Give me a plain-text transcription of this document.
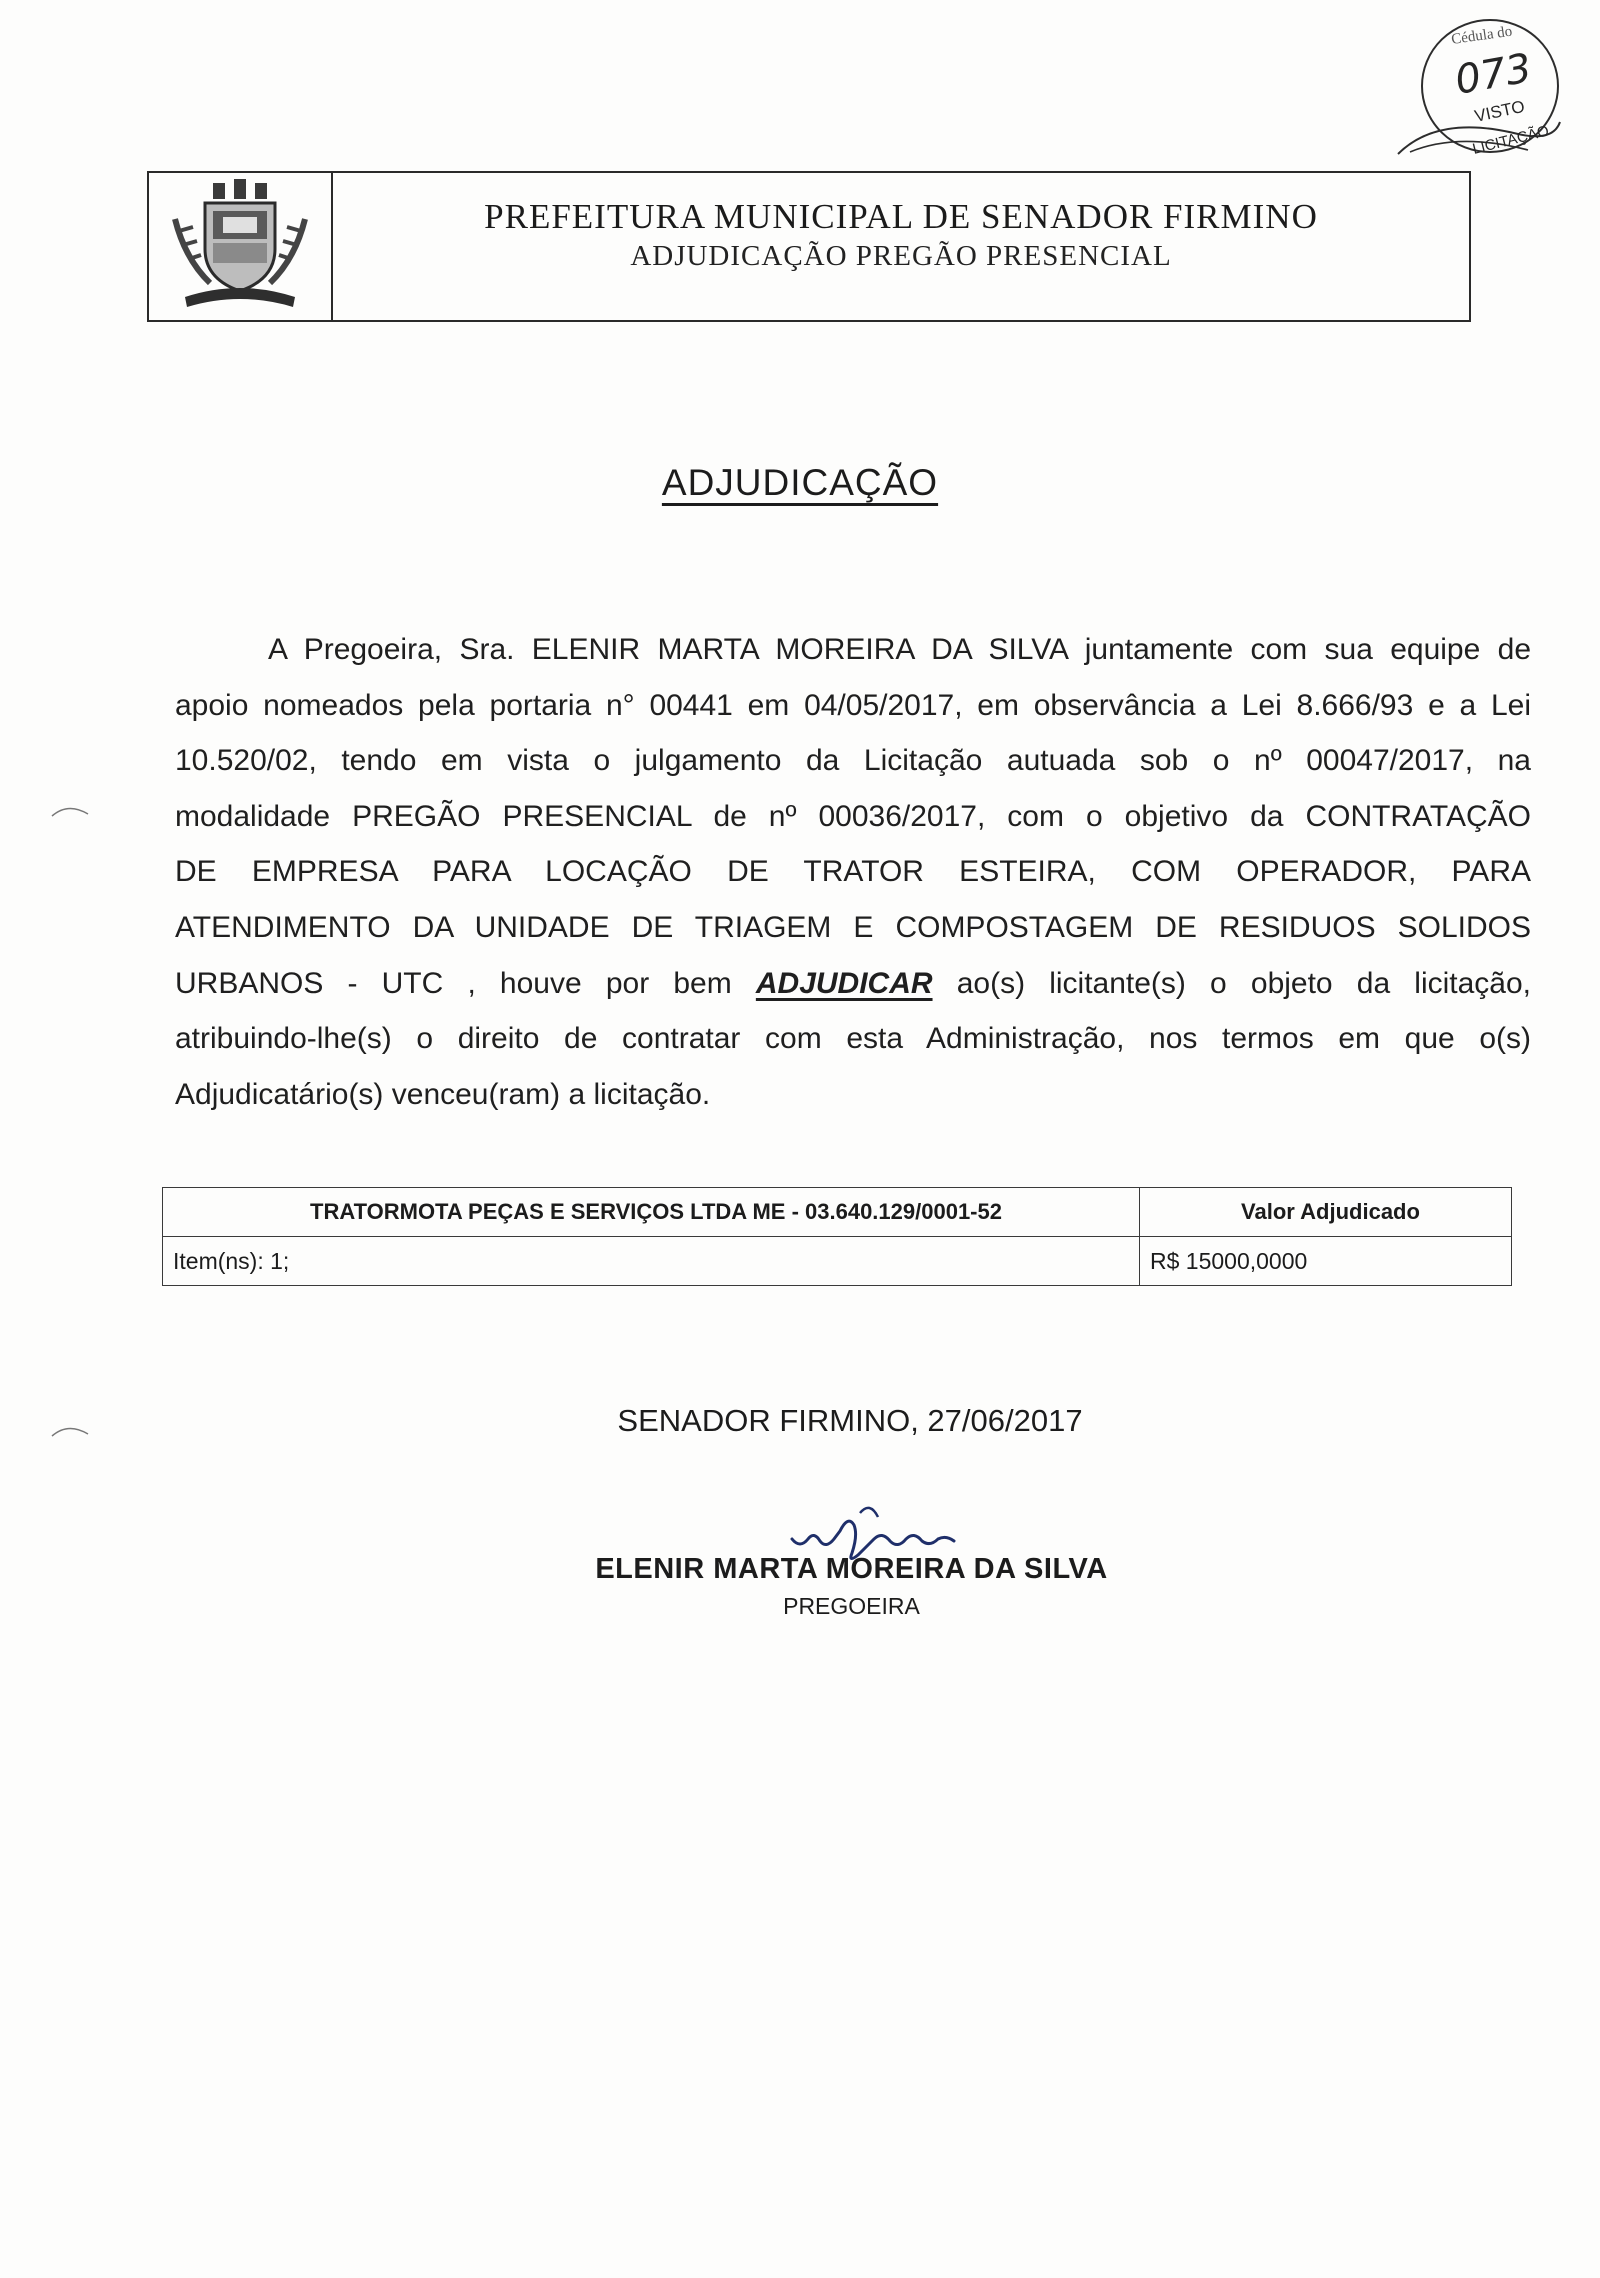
Cédula do
073
VISTO
LICITAÇÃO
PREFEITURA MUNICIPAL DE SENADOR FIRMINO
ADJUDICAÇÃO PREGÃO PRESENCIAL
ADJUDICAÇÃO
A Pregoeira, Sra. ELENIR MARTA MOREIRA DA SILVA juntamente com sua equipe de
apoio nomeados pela portaria n° 00441 em 04/05/2017, em observância a Lei 8.666/93 e a Lei
10.520/02, tendo em vista o julgamento da Licitação autuada sob o nº 00047/2017, na
modalidade PREGÃO PRESENCIAL de nº 00036/2017, com o objetivo da CONTRATAÇÃO
DE EMPRESA PARA LOCAÇÃO DE TRATOR ESTEIRA, COM OPERADOR, PARA
ATENDIMENTO DA UNIDADE DE TRIAGEM E COMPOSTAGEM DE RESIDUOS SOLIDOS
URBANOS - UTC , houve por bem ADJUDICAR ao(s) licitante(s) o objeto da licitação,
atribuindo-lhe(s) o direito de contratar com esta Administração, nos termos em que o(s)
Adjudicatário(s) venceu(ram) a licitação.
TRATORMOTA PEÇAS E SERVIÇOS LTDA ME - 03.640.129/0001-52	Valor Adjudicado
Item(ns): 1;	R$ 15000,0000
SENADOR FIRMINO, 27/06/2017
ELENIR MARTA MOREIRA DA SILVA
PREGOEIRA
